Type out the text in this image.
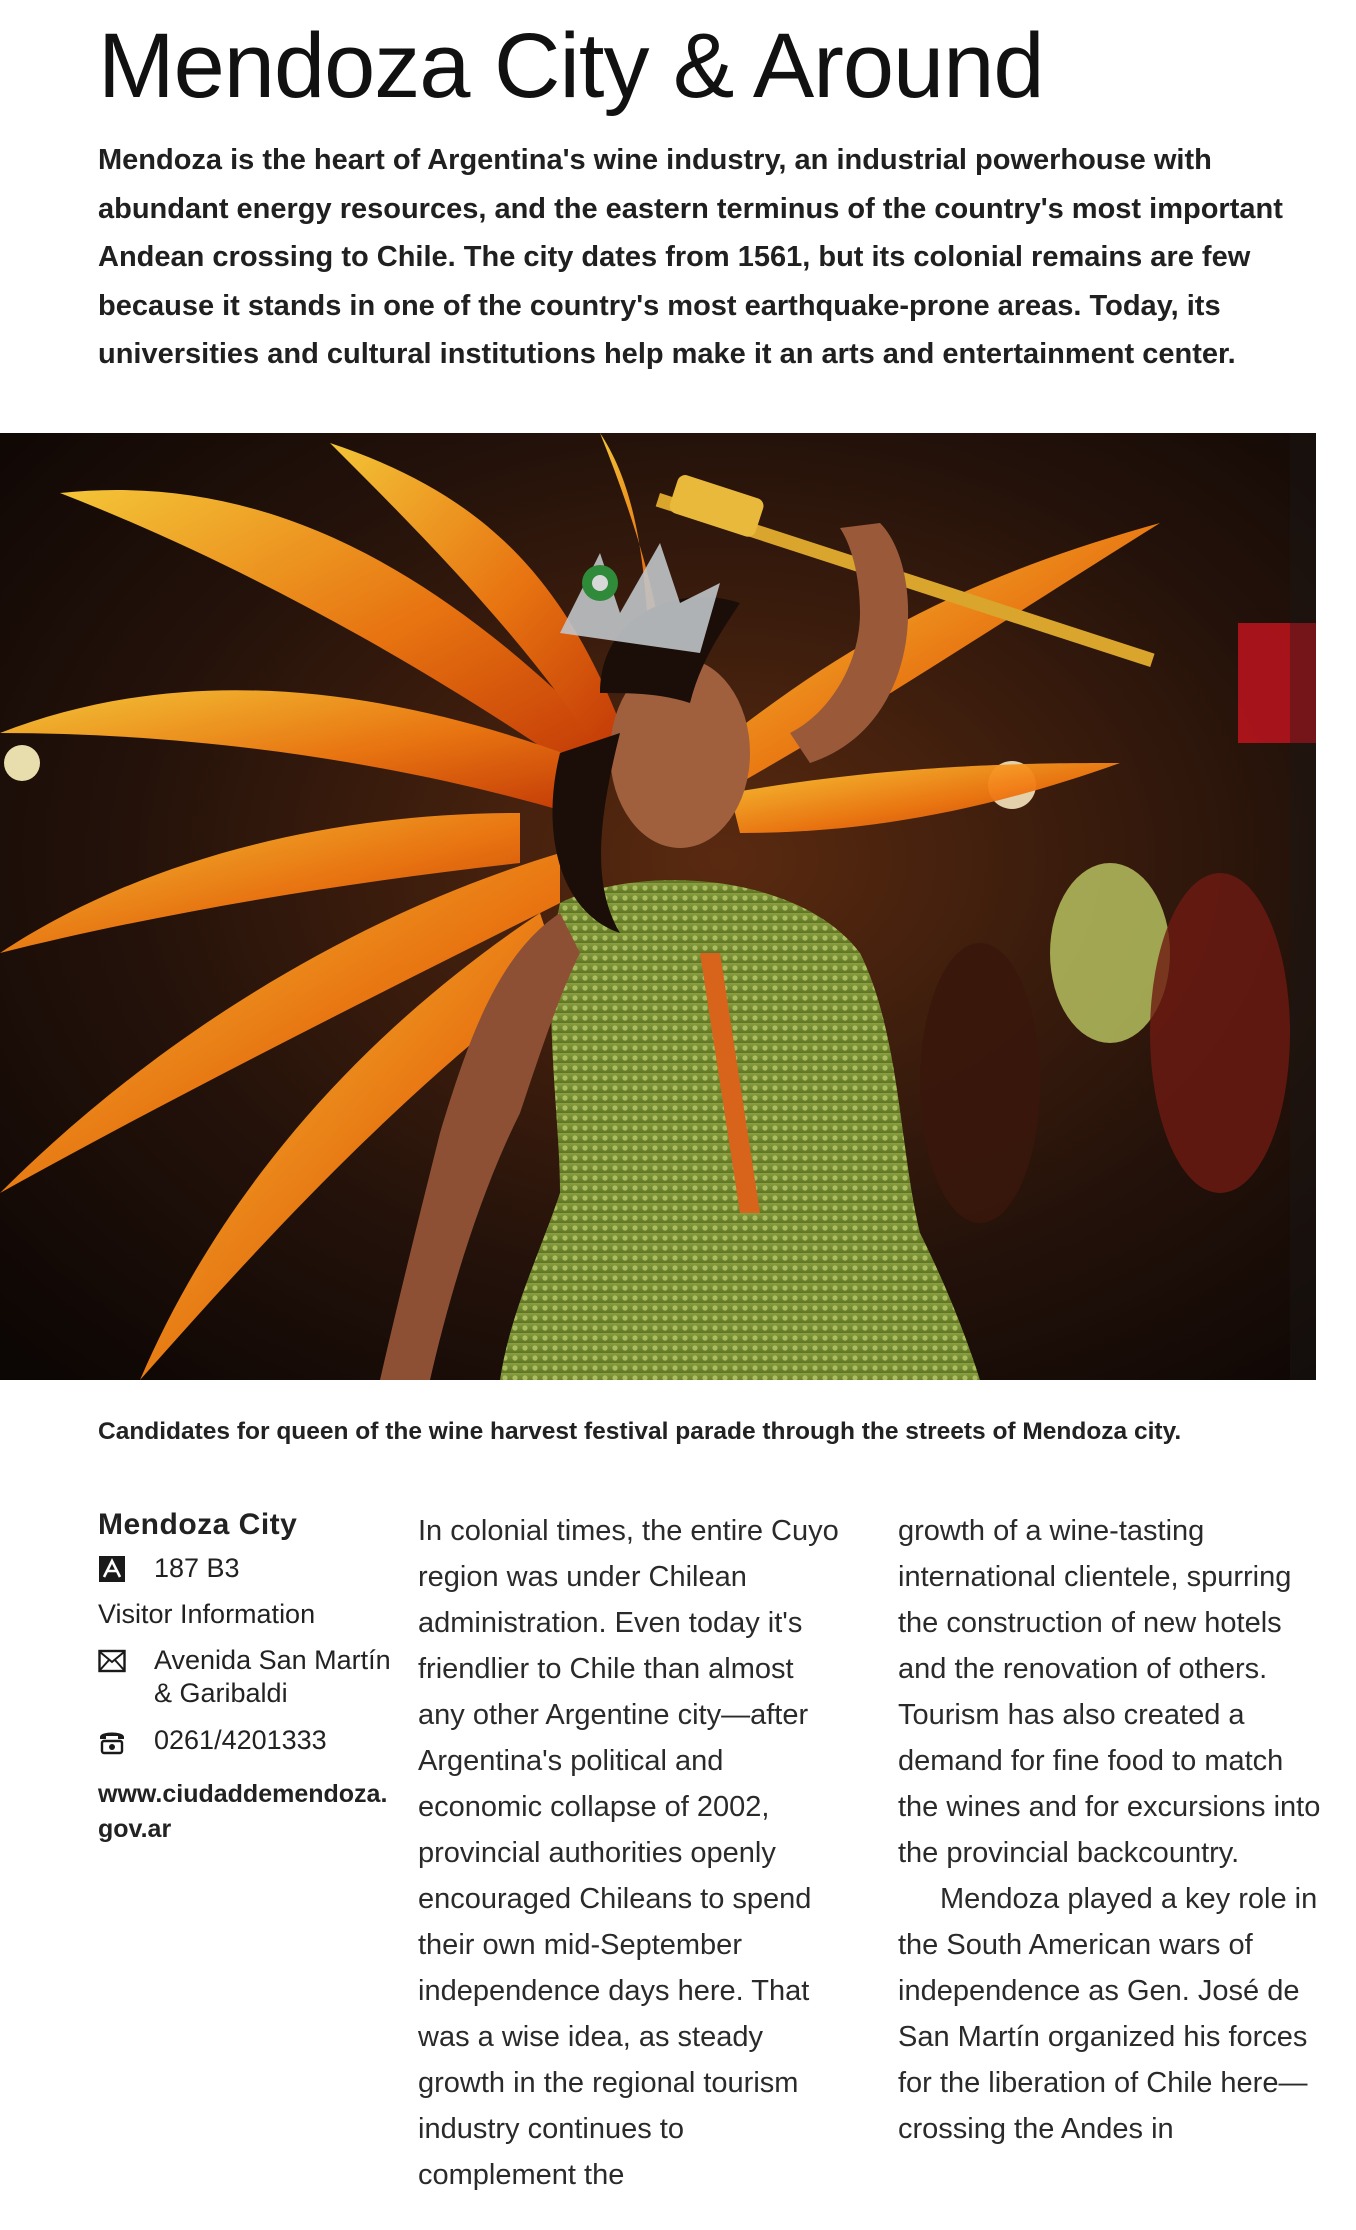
Mendoza City & Around

Mendoza is the heart of Argentina's wine industry, an industrial powerhouse with abundant energy resources, and the eastern terminus of the country's most important Andean crossing to Chile. The city dates from 1561, but its colonial remains are few because it stands in one of the country's most earthquake-prone areas. Today, its universities and cultural institutions help make it an arts and entertainment center.

Candidates for queen of the wine harvest festival parade through the streets of Mendoza city.

Mendoza City
187 B3
Visitor Information
Avenida San Martín & Garibaldi
0261/4201333
www.ciudaddemendoza.gov.ar

In colonial times, the entire Cuyo region was under Chilean administration. Even today it's friendlier to Chile than almost any other Argentine city—after Argentina's political and economic collapse of 2002, provincial authorities openly encouraged Chileans to spend their own mid-September independence days here. That was a wise idea, as steady growth in the regional tourism industry continues to complement the

growth of a wine-tasting international clientele, spurring the construction of new hotels and the renovation of others. Tourism has also created a demand for fine food to match the wines and for excursions into the provincial backcountry.

Mendoza played a key role in the South American wars of independence as Gen. José de San Martín organized his forces for the liberation of Chile here—crossing the Andes in
